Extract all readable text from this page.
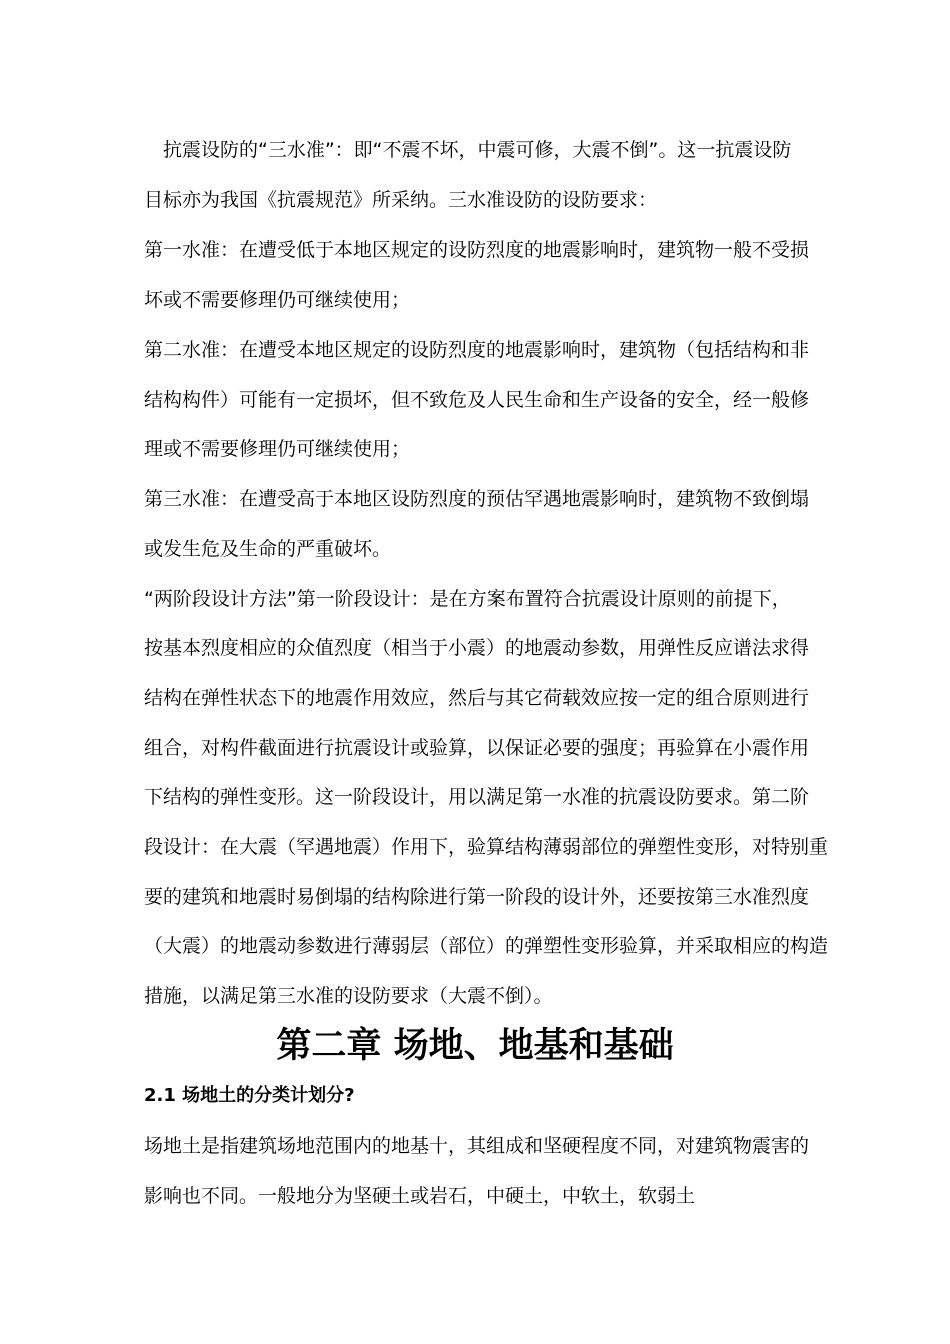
　抗震设防的“三水准”：即“不震不坏，中震可修，大震不倒”。这一抗震设防
目标亦为我国《抗震规范》所采纳。三水准设防的设防要求：
第一水准：在遭受低于本地区规定的设防烈度的地震影响时，建筑物一般不受损
坏或不需要修理仍可继续使用；
第二水准：在遭受本地区规定的设防烈度的地震影响时，建筑物（包括结构和非
结构构件）可能有一定损坏，但不致危及人民生命和生产设备的安全，经一般修
理或不需要修理仍可继续使用；
第三水准：在遭受高于本地区设防烈度的预估罕遇地震影响时，建筑物不致倒塌
或发生危及生命的严重破坏。
“两阶段设计方法”第一阶段设计：是在方案布置符合抗震设计原则的前提下，
按基本烈度相应的众值烈度（相当于小震）的地震动参数，用弹性反应谱法求得
结构在弹性状态下的地震作用效应，然后与其它荷载效应按一定的组合原则进行
组合，对构件截面进行抗震设计或验算，以保证必要的强度；再验算在小震作用
下结构的弹性变形。这一阶段设计，用以满足第一水准的抗震设防要求。第二阶
段设计：在大震（罕遇地震）作用下，验算结构薄弱部位的弹塑性变形，对特别重
要的建筑和地震时易倒塌的结构除进行第一阶段的设计外，还要按第三水准烈度
（大震）的地震动参数进行薄弱层（部位）的弹塑性变形验算，并采取相应的构造
措施，以满足第三水准的设防要求（大震不倒）。
第二章 场地、地基和基础
2.1 场地土的分类计划分?
场地土是指建筑场地范围内的地基十，其组成和坚硬程度不同，对建筑物震害的
影响也不同。一般地分为坚硬土或岩石，中硬土，中软土，软弱土
